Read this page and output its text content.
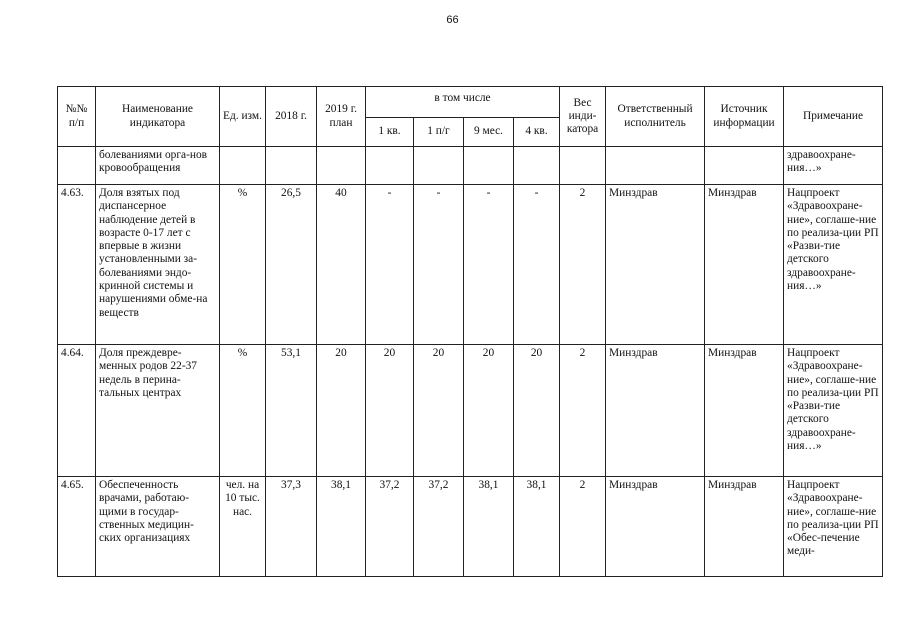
66
№№ п/п	Наименование индикатора	Ед. изм.	2018 г.	2019 г. план	в том числе				Вес инди-катора	Ответственный исполнитель	Источник информации	Примечание
					1 кв.	1 п/г	9 мес.	4 кв.				
	болеваниями орга-нов кровообращения											здравоохране-ния…»
4.63.	Доля взятых под диспансерное наблюдение детей в возрасте 0-17 лет с впервые в жизни установленными за-болеваниями эндо-кринной системы и нарушениями обме-на веществ	%	26,5	40	-	-	-	-	2	Минздрав	Минздрав	Нацпроект «Здравоохране-ние», соглаше-ние по реализа-ции РП «Разви-тие детского здравоохране-ния…»
4.64.	Доля преждевре-менных родов 22-37 недель в перина-тальных центрах	%	53,1	20	20	20	20	20	2	Минздрав	Минздрав	Нацпроект «Здравоохране-ние», соглаше-ние по реализа-ции РП «Разви-тие детского здравоохране-ния…»
4.65.	Обеспеченность врачами, работаю-щими в государ-ственных медицин-ских организациях	чел. на 10 тыс. нас.	37,3	38,1	37,2	37,2	38,1	38,1	2	Минздрав	Минздрав	Нацпроект «Здравоохране-ние», соглаше-ние по реализа-ции РП «Обес-печение меди-
